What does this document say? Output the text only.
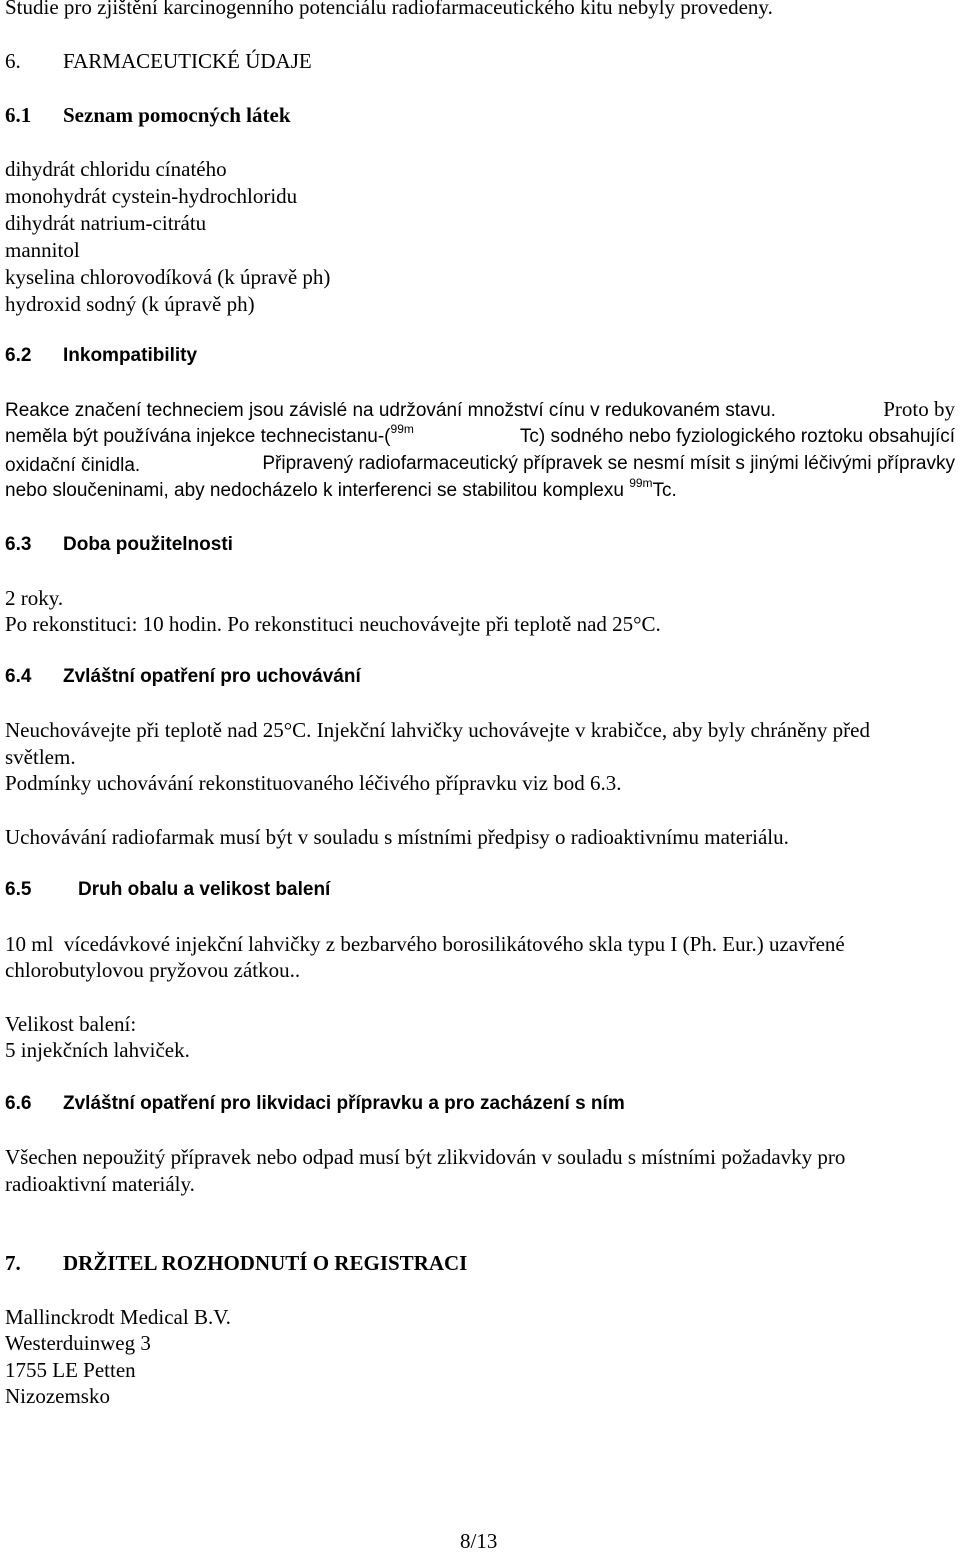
Studie pro zjištění karcinogenního potenciálu radiofarmaceutického kitu nebyly provedeny.
6. FARMACEUTICKÉ ÚDAJE
6.1 Seznam pomocných látek
dihydrát chloridu cínatého
monohydrát cystein-hydrochloridu
dihydrát natrium-citrátu
mannitol
kyselina chlorovodíková (k úpravě ph)
hydroxid sodný (k úpravě ph)
6.2 Inkompatibility
Reakce značení techneciem jsou závislé na udržování množství cínu v redukovaném stavu.	Proto by
neměla být používána injekce technecistanu-($^{99m}$	Tc) sodného nebo fyziologického roztoku obsahující
oxidační činidla.	Připravený radiofarmaceutický přípravek se nesmí mísit s jinými léčivými přípravky
nebo sloučeninami, aby nedocházelo k interferenci se stabilitou komplexu $^{99m}$Tc.
6.3 Doba použitelnosti
2 roky.
Po rekonstituci: 10 hodin. Po rekonstituci neuchovávejte při teplotě nad 25°C.
6.4 Zvláštní opatření pro uchovávání
Neuchovávejte při teplotě nad 25°C. Injekční lahvičky uchovávejte v krabičce, aby byly chráněny před
světlem.
Podmínky uchovávání rekonstituovaného léčivého přípravku viz bod 6.3.
Uchovávání radiofarmak musí být v souladu s místními předpisy o radioaktivnímu materiálu.
6.5 Druh obalu a velikost balení
10 ml  vícedávkové injekční lahvičky z bezbarvého borosilikátového skla typu I (Ph. Eur.) uzavřené
chlorobutylovou pryžovou zátkou..
Velikost balení:
5 injekčních lahviček.
6.6 Zvláštní opatření pro likvidaci přípravku a pro zacházení s ním
Všechen nepoužitý přípravek nebo odpad musí být zlikvidován v souladu s místními požadavky pro
radioaktivní materiály.
7. DRŽITEL ROZHODNUTÍ O REGISTRACI
Mallinckrodt Medical B.V.
Westerduinweg 3
1755 LE Petten
Nizozemsko
8/13
